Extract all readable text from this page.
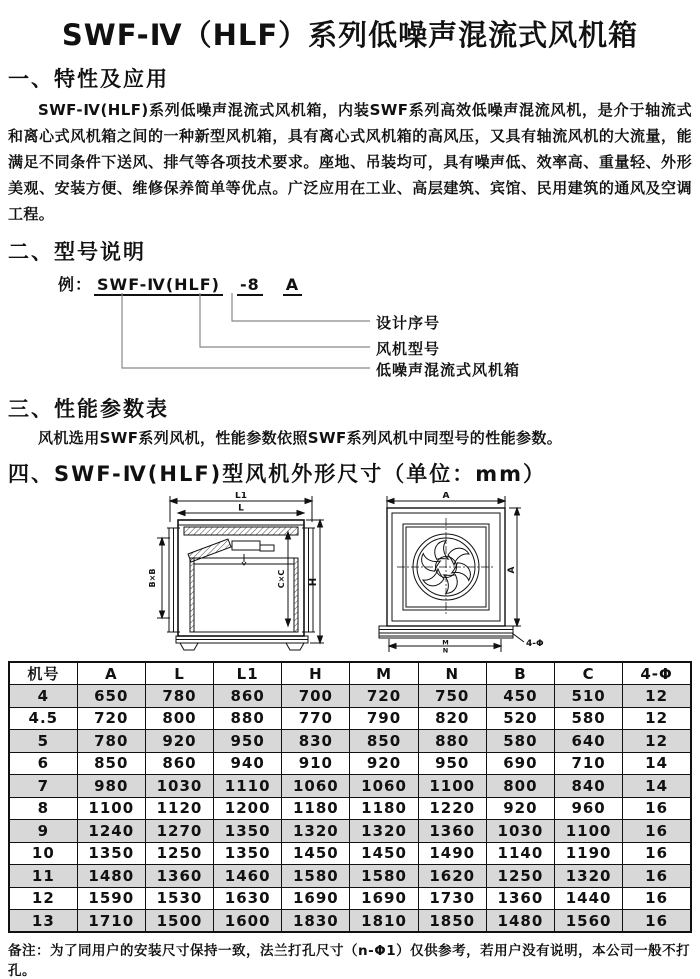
SWF-Ⅳ（HLF）系列低噪声混流式风机箱
一、特性及应用
SWF-Ⅳ(HLF)系列低噪声混流式风机箱，内装SWF系列高效低噪声混流风机，是介于轴流式和离心式风机箱之间的一种新型风机箱，具有离心式风机箱的高风压，又具有轴流风机的大流量，能满足不同条件下送风、排气等各项技术要求。座地、吊装均可，具有噪声低、效率高、重量轻、外形美观、安装方便、维修保养简单等优点。广泛应用在工业、高层建筑、宾馆、民用建筑的通风及空调工程。
二、型号说明
例： SWF-Ⅳ(HLF) -8 A
设计序号
风机型号
低噪声混流式风机箱
三、性能参数表
风机选用SWF系列风机，性能参数依照SWF系列风机中同型号的性能参数。
四、SWF-Ⅳ(HLF)型风机外形尺寸（单位：mm）
L1
L
B×B	C×C H
A
A
M
N
4-Φ
机号	A	L	L1	H	M	N	B	C	4-Φ
4	650	780	860	700	720	750	450	510	12
4.5	720	800	880	770	790	820	520	580	12
5	780	920	950	830	850	880	580	640	12
6	850	860	940	910	920	950	690	710	14
7	980	1030	1110	1060	1060	1100	800	840	14
8	1100	1120	1200	1180	1180	1220	920	960	16
9	1240	1270	1350	1320	1320	1360	1030	1100	16
10	1350	1250	1350	1450	1450	1490	1140	1190	16
11	1480	1360	1460	1580	1580	1620	1250	1320	16
12	1590	1530	1630	1690	1690	1730	1360	1440	16
13	1710	1500	1600	1830	1810	1850	1480	1560	16
备注：为了同用户的安装尺寸保持一致，法兰打孔尺寸（n-Φ1）仅供参考，若用户没有说明，本公司一般不打孔。
